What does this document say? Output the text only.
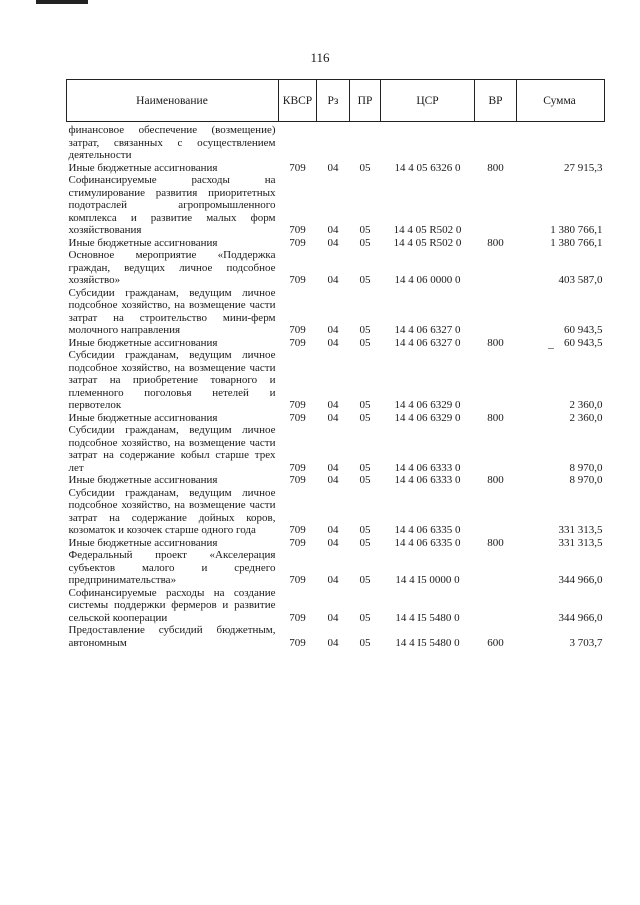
116
Наименование	КВСР	Рз	ПР	ЦСР	ВР	Сумма
финансовое обеспечение (возмещение) затрат, связанных с осуществлением деятельности						
Иные бюджетные ассигнования	709	04	05	14 4 05 6326 0	800	27 915,3
Софинансируемые расходы на стимулирование развития приоритетных подотраслей агропромышленного комплекса и развитие малых форм хозяйствования	709	04	05	14 4 05 R502 0		1 380 766,1
Иные бюджетные ассигнования	709	04	05	14 4 05 R502 0	800	1 380 766,1
Основное мероприятие «Поддержка граждан, ведущих личное подсобное хозяйство»	709	04	05	14 4 06 0000 0		403 587,0
Субсидии гражданам, ведущим личное подсобное хозяйство, на возмещение части затрат на строительство мини-ферм молочного направления	709	04	05	14 4 06 6327 0		60 943,5
Иные бюджетные ассигнования	709	04	05	14 4 06 6327 0	800	60 943,5
Субсидии гражданам, ведущим личное подсобное хозяйство, на возмещение части затрат на приобретение товарного и племенного поголовья нетелей и первотелок	709	04	05	14 4 06 6329 0		2 360,0
Иные бюджетные ассигнования	709	04	05	14 4 06 6329 0	800	2 360,0
Субсидии гражданам, ведущим личное подсобное хозяйство, на возмещение части затрат на содержание кобыл старше трех лет	709	04	05	14 4 06 6333 0		8 970,0
Иные бюджетные ассигнования	709	04	05	14 4 06 6333 0	800	8 970,0
Субсидии гражданам, ведущим личное подсобное хозяйство, на возмещение части затрат на содержание дойных коров, козоматок и козочек старше одного года	709	04	05	14 4 06 6335 0		331 313,5
Иные бюджетные ассигнования	709	04	05	14 4 06 6335 0	800	331 313,5
Федеральный проект «Акселерация субъектов малого и среднего предпринимательства»	709	04	05	14 4 I5 0000 0		344 966,0
Софинансируемые расходы на создание системы поддержки фермеров и развитие сельской кооперации	709	04	05	14 4 I5 5480 0		344 966,0
Предоставление субсидий бюджетным, автономным	709	04	05	14 4 I5 5480 0	600	3 703,7
